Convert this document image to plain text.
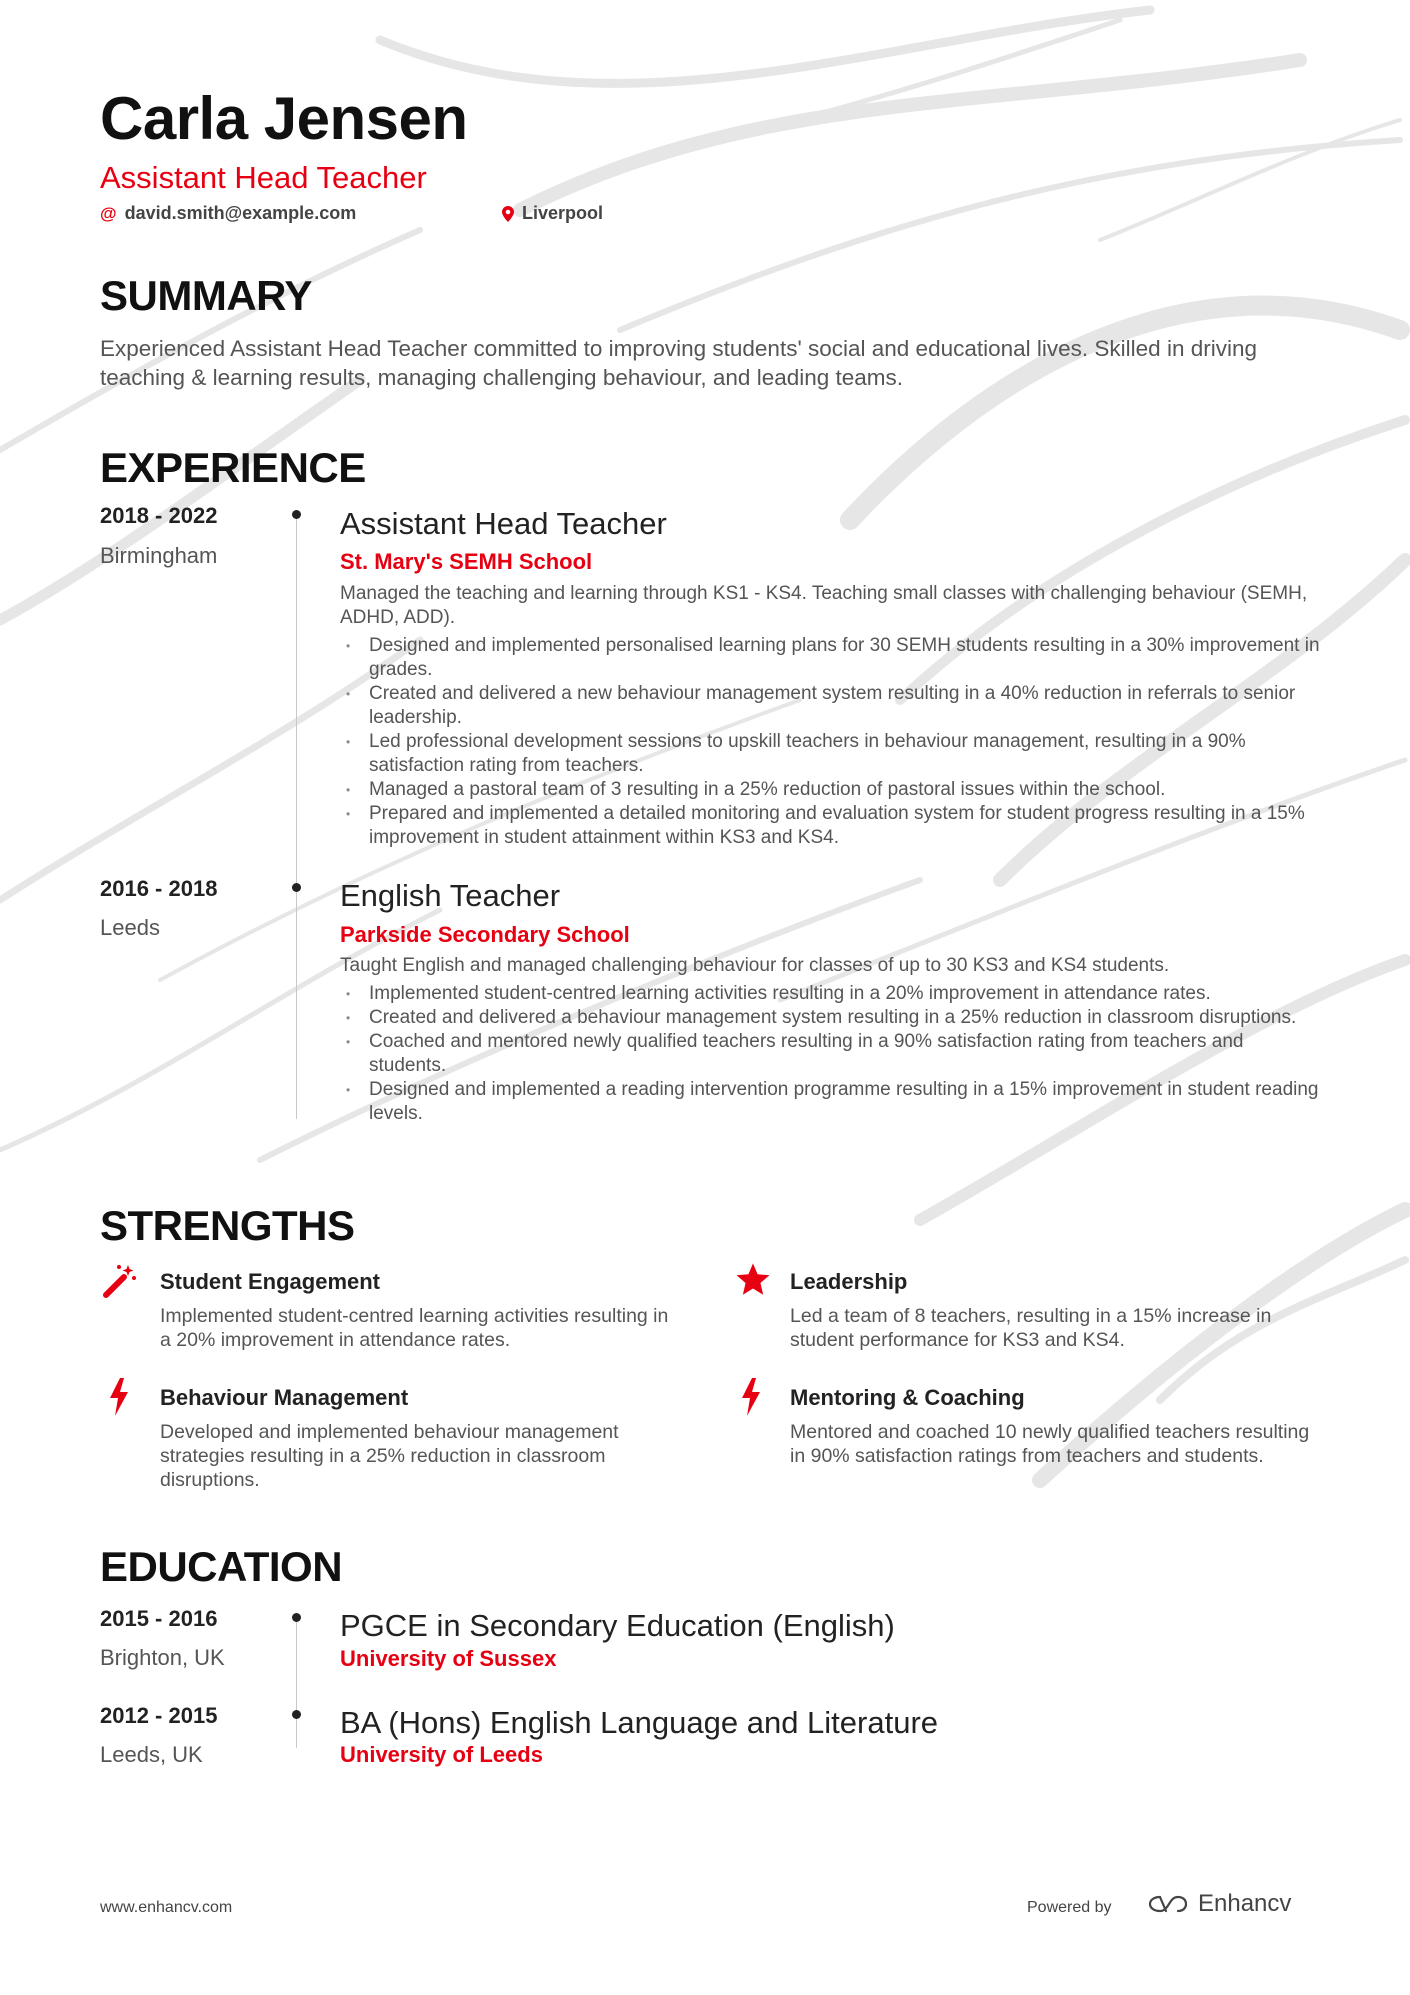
Carla Jensen
Assistant Head Teacher
@ david.smith@example.com	Liverpool
SUMMARY
Experienced Assistant Head Teacher committed to improving students' social and educational lives. Skilled in driving teaching & learning results, managing challenging behaviour, and leading teams.
EXPERIENCE
2018 - 2022
Birmingham
Assistant Head Teacher
St. Mary's SEMH School
Managed the teaching and learning through KS1 - KS4. Teaching small classes with challenging behaviour (SEMH, ADHD, ADD).
• Designed and implemented personalised learning plans for 30 SEMH students resulting in a 30% improvement in grades.
• Created and delivered a new behaviour management system resulting in a 40% reduction in referrals to senior leadership.
• Led professional development sessions to upskill teachers in behaviour management, resulting in a 90% satisfaction rating from teachers.
• Managed a pastoral team of 3 resulting in a 25% reduction of pastoral issues within the school.
• Prepared and implemented a detailed monitoring and evaluation system for student progress resulting in a 15% improvement in student attainment within KS3 and KS4.
2016 - 2018
Leeds
English Teacher
Parkside Secondary School
Taught English and managed challenging behaviour for classes of up to 30 KS3 and KS4 students.
• Implemented student-centred learning activities resulting in a 20% improvement in attendance rates.
• Created and delivered a behaviour management system resulting in a 25% reduction in classroom disruptions.
• Coached and mentored newly qualified teachers resulting in a 90% satisfaction rating from teachers and students.
• Designed and implemented a reading intervention programme resulting in a 15% improvement in student reading levels.
STRENGTHS
Student Engagement
Implemented student-centred learning activities resulting in a 20% improvement in attendance rates.
Leadership
Led a team of 8 teachers, resulting in a 15% increase in student performance for KS3 and KS4.
Behaviour Management
Developed and implemented behaviour management strategies resulting in a 25% reduction in classroom disruptions.
Mentoring & Coaching
Mentored and coached 10 newly qualified teachers resulting in 90% satisfaction ratings from teachers and students.
EDUCATION
2015 - 2016
Brighton, UK
PGCE in Secondary Education (English)
University of Sussex
2012 - 2015
Leeds, UK
BA (Hons) English Language and Literature
University of Leeds
www.enhancv.com	Powered by	Enhancv
